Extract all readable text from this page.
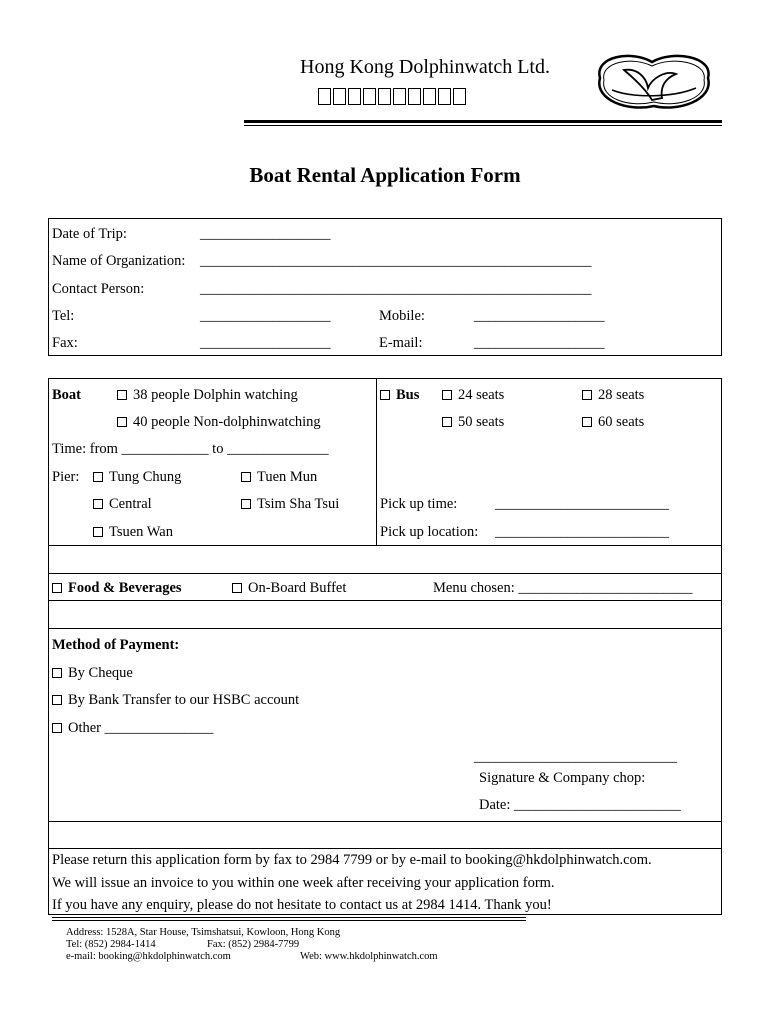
Hong Kong Dolphinwatch Ltd.
Boat Rental Application Form
Date of Trip:	__________________
Name of Organization: ______________________________________________________
Contact Person:	______________________________________________________
Tel:	__________________	Mobile:	__________________
Fax:	__________________	E-mail:	__________________
Boat	38 people Dolphin watching
40 people Non-dolphinwatching
Time: from ____________ to ______________
Pier:	Tung Chung	Tuen Mun
Central	Tsim Sha Tsui
Tsuen Wan
Bus	24 seats	28 seats
50 seats	60 seats
Pick up time:	________________________
Pick up location: ________________________
Food & Beverages	On-Board Buffet	Menu chosen: ________________________
Method of Payment:
By Cheque
By Bank Transfer to our HSBC account
Other _______________
____________________________
Signature & Company chop:
Date: _______________________
Please return this application form by fax to 2984 7799 or by e-mail to booking@hkdolphinwatch.com.
We will issue an invoice to you within one week after receiving your application form.
If you have any enquiry, please do not hesitate to contact us at 2984 1414. Thank you!
Address: 1528A, Star House, Tsimshatsui, Kowloon, Hong Kong
Tel: (852) 2984-1414	Fax: (852) 2984-7799
e-mail: booking@hkdolphinwatch.com	Web: www.hkdolphinwatch.com
